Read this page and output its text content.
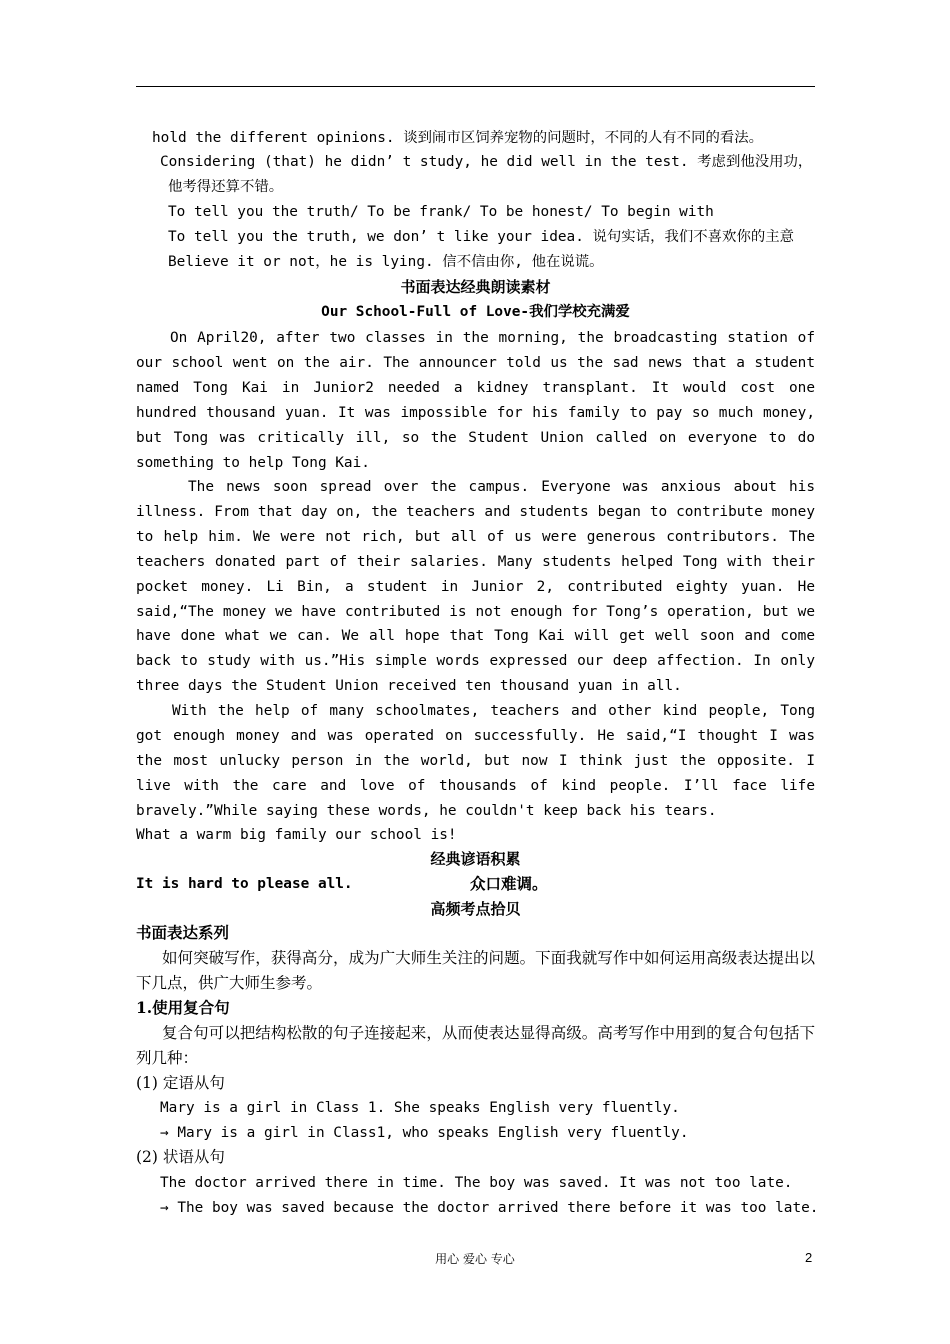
hold the different opinions. 谈到闹市区饲养宠物的问题时，不同的人有不同的看法。
Considering (that) he didn’ t study, he did well in the test. 考虑到他没用功，
他考得还算不错。
To tell you the truth/ To be frank/ To be honest/ To begin with
To tell you the truth, we don’ t like your idea. 说句实话，我们不喜欢你的主意
Believe it or not，he is lying. 信不信由你, 他在说谎。
书面表达经典朗读素材
Our School-Full of Love-我们学校充满爱
On April20, after two classes in the morning, the broadcasting station of our school went on the air. The announcer told us the sad news that a student named Tong Kai in Junior2 needed a kidney transplant. It would cost one hundred thousand yuan. It was impossible for his family to pay so much money, but Tong was critically ill, so the Student Union called on everyone to do something to help Tong Kai.
The news soon spread over the campus. Everyone was anxious about his illness. From that day on, the teachers and students began to contribute money to help him. We were not rich, but all of us were generous contributors. The teachers donated part of their salaries. Many students helped Tong with their pocket money. Li Bin, a student in Junior 2, contributed eighty yuan. He said,“The money we have contributed is not enough for Tong’s operation, but we have done what we can. We all hope that Tong Kai will get well soon and come back to study with us.”His simple words expressed our deep affection. In only three days the Student Union received ten thousand yuan in all.
With the help of many schoolmates, teachers and other kind people, Tong got enough money and was operated on successfully. He said,“I thought I was the most unlucky person in the world, but now I think just the opposite. I live with the care and love of thousands of kind people. I’ll face life bravely.”While saying these words, he couldn't keep back his tears.
What a warm big family our school is!
经典谚语积累
It is hard to please all.	众口难调。
高频考点拾贝
书面表达系列
如何突破写作，获得高分，成为广大师生关注的问题。下面我就写作中如何运用高级表达提出以下几点，供广大师生参考。
1.使用复合句
复合句可以把结构松散的句子连接起来，从而使表达显得高级。高考写作中用到的复合句包括下列几种：
(1) 定语从句
Mary is a girl in Class 1. She speaks English very fluently.
→ Mary is a girl in Class1, who speaks English very fluently.
(2) 状语从句
The doctor arrived there in time. The boy was saved. It was not too late.
→ The boy was saved because the doctor arrived there before it was too late.
用心 爱心 专心	2
